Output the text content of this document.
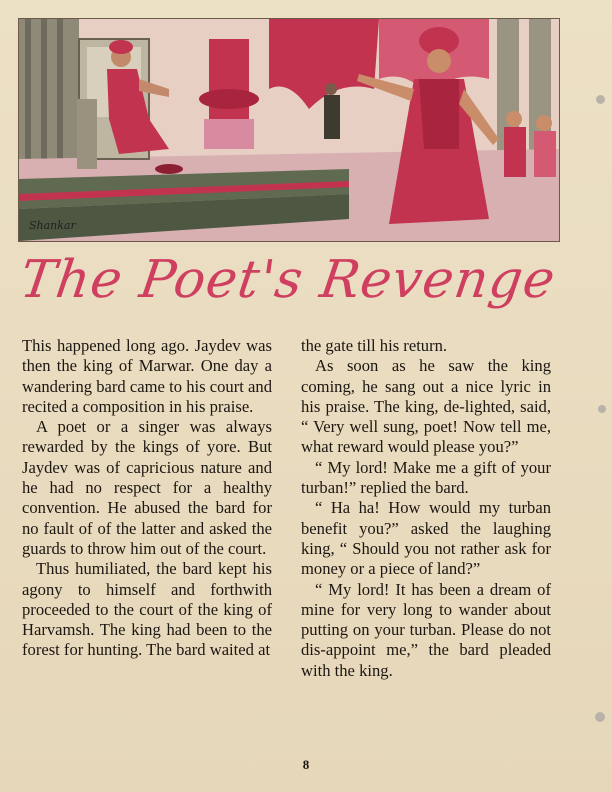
Shankar
The Poet's Revenge

This happened long ago. Jaydev was then the king of Marwar. One day a wandering bard came to his court and recited a composition in his praise.

A poet or a singer was always rewarded by the kings of yore. But Jaydev was of capricious nature and he had no respect for a healthy convention. He abused the bard for no fault of of the latter and asked the guards to throw him out of the court.

Thus humiliated, the bard kept his agony to himself and forthwith proceeded to the court of the king of Harvamsh. The king had been to the forest for hunting. The bard waited at

the gate till his return.

As soon as he saw the king coming, he sang out a nice lyric in his praise. The king, de-lighted, said, “ Very well sung, poet! Now tell me, what reward would please you?”

“ My lord! Make me a gift of your turban!” replied the bard.

“ Ha ha! How would my turban benefit you?” asked the laughing king, “ Should you not rather ask for money or a piece of land?”

“ My lord! It has been a dream of mine for very long to wander about putting on your turban. Please do not dis-appoint me,” the bard pleaded with the king.

8
